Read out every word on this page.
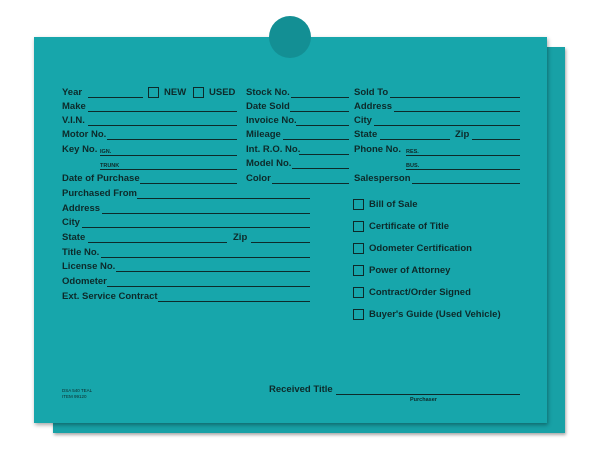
Year	NEW USED Stock No.	Sold To
Make	Date Sold	Address
V.I.N.	Invoice No.	City
Motor No.	Mileage	State	Zip
Key No. IGN.	Int. R.O. No.	Phone No. RES.
TRUNK	Model No.	BUS.
Date of Purchase	Color	Salesperson
Purchased From
Address
City
State	Zip
Title No.
License No.
Odometer
Ext. Service Contract
Bill of Sale
Certificate of Title
Odometer Certification
Power of Attorney
Contract/Order Signed
Buyer's Guide (Used Vehicle)
DSA 540 TEAL
ITEM 99120
Received Title
Purchaser
